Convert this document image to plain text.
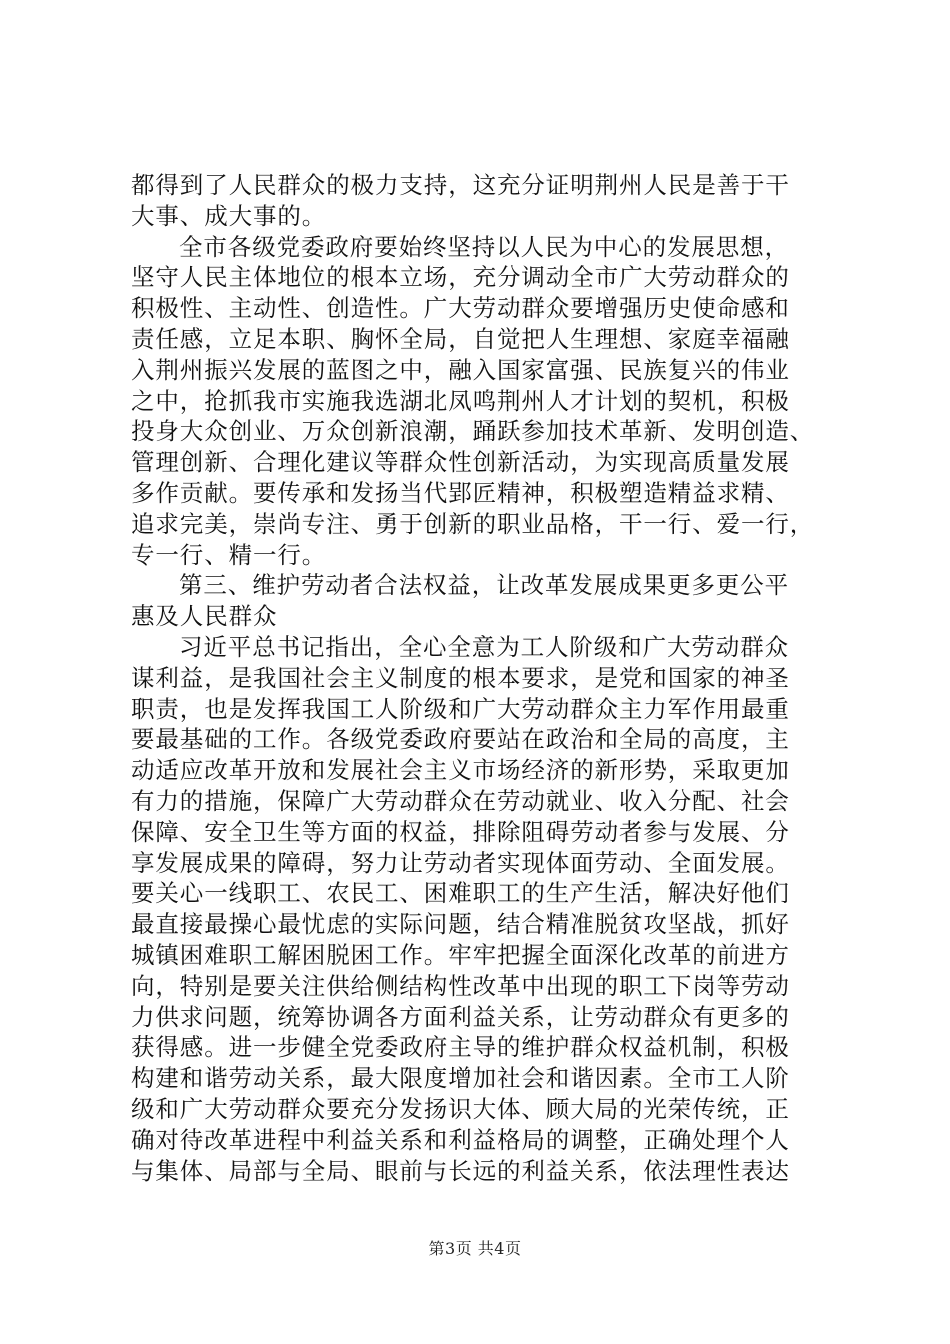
都得到了人民群众的极力支持，这充分证明荆州人民是善于干
大事、成大事的。
全市各级党委政府要始终坚持以人民为中心的发展思想，
坚守人民主体地位的根本立场，充分调动全市广大劳动群众的
积极性、主动性、创造性。广大劳动群众要增强历史使命感和
责任感，立足本职、胸怀全局，自觉把人生理想、家庭幸福融
入荆州振兴发展的蓝图之中，融入国家富强、民族复兴的伟业
之中，抢抓我市实施我选湖北凤鸣荆州人才计划的契机，积极
投身大众创业、万众创新浪潮，踊跃参加技术革新、发明创造、
管理创新、合理化建议等群众性创新活动，为实现高质量发展
多作贡献。要传承和发扬当代郢匠精神，积极塑造精益求精、
追求完美，崇尚专注、勇于创新的职业品格，干一行、爱一行，
专一行、精一行。
第三、维护劳动者合法权益，让改革发展成果更多更公平
惠及人民群众
习近平总书记指出，全心全意为工人阶级和广大劳动群众
谋利益，是我国社会主义制度的根本要求，是党和国家的神圣
职责，也是发挥我国工人阶级和广大劳动群众主力军作用最重
要最基础的工作。各级党委政府要站在政治和全局的高度，主
动适应改革开放和发展社会主义市场经济的新形势，采取更加
有力的措施，保障广大劳动群众在劳动就业、收入分配、社会
保障、安全卫生等方面的权益，排除阻碍劳动者参与发展、分
享发展成果的障碍，努力让劳动者实现体面劳动、全面发展。
要关心一线职工、农民工、困难职工的生产生活，解决好他们
最直接最操心最忧虑的实际问题，结合精准脱贫攻坚战，抓好
城镇困难职工解困脱困工作。牢牢把握全面深化改革的前进方
向，特别是要关注供给侧结构性改革中出现的职工下岗等劳动
力供求问题，统筹协调各方面利益关系，让劳动群众有更多的
获得感。进一步健全党委政府主导的维护群众权益机制，积极
构建和谐劳动关系，最大限度增加社会和谐因素。全市工人阶
级和广大劳动群众要充分发扬识大体、顾大局的光荣传统，正
确对待改革进程中利益关系和利益格局的调整，正确处理个人
与集体、局部与全局、眼前与长远的利益关系，依法理性表达
第3页 共4页
